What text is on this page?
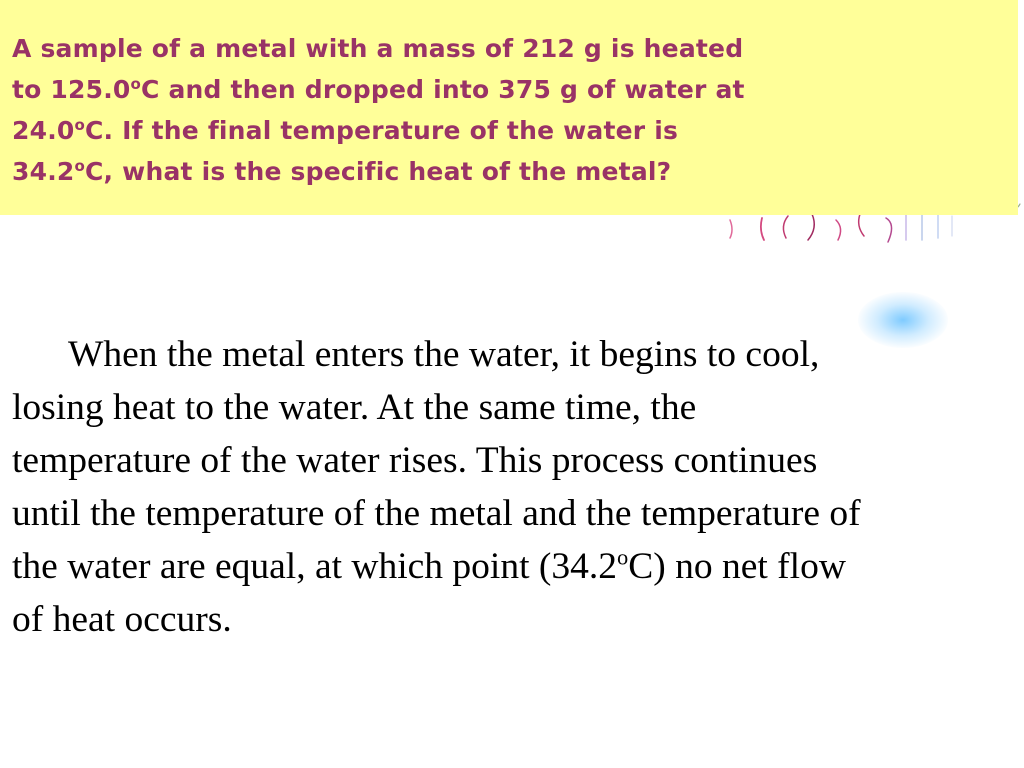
A sample of a metal with a mass of 212 g is heated
to 125.0$^o$C and then dropped into 375 g of water at
24.0$^o$C. If the final temperature of the water is
34.2$^o$C, what is the specific heat of the metal?

When the metal enters the water, it begins to cool,
losing heat to the water. At the same time, the
temperature of the water rises. This process continues
until the temperature of the metal and the temperature of
the water are equal, at which point (34.2$^o$C) no net flow
of heat occurs.
